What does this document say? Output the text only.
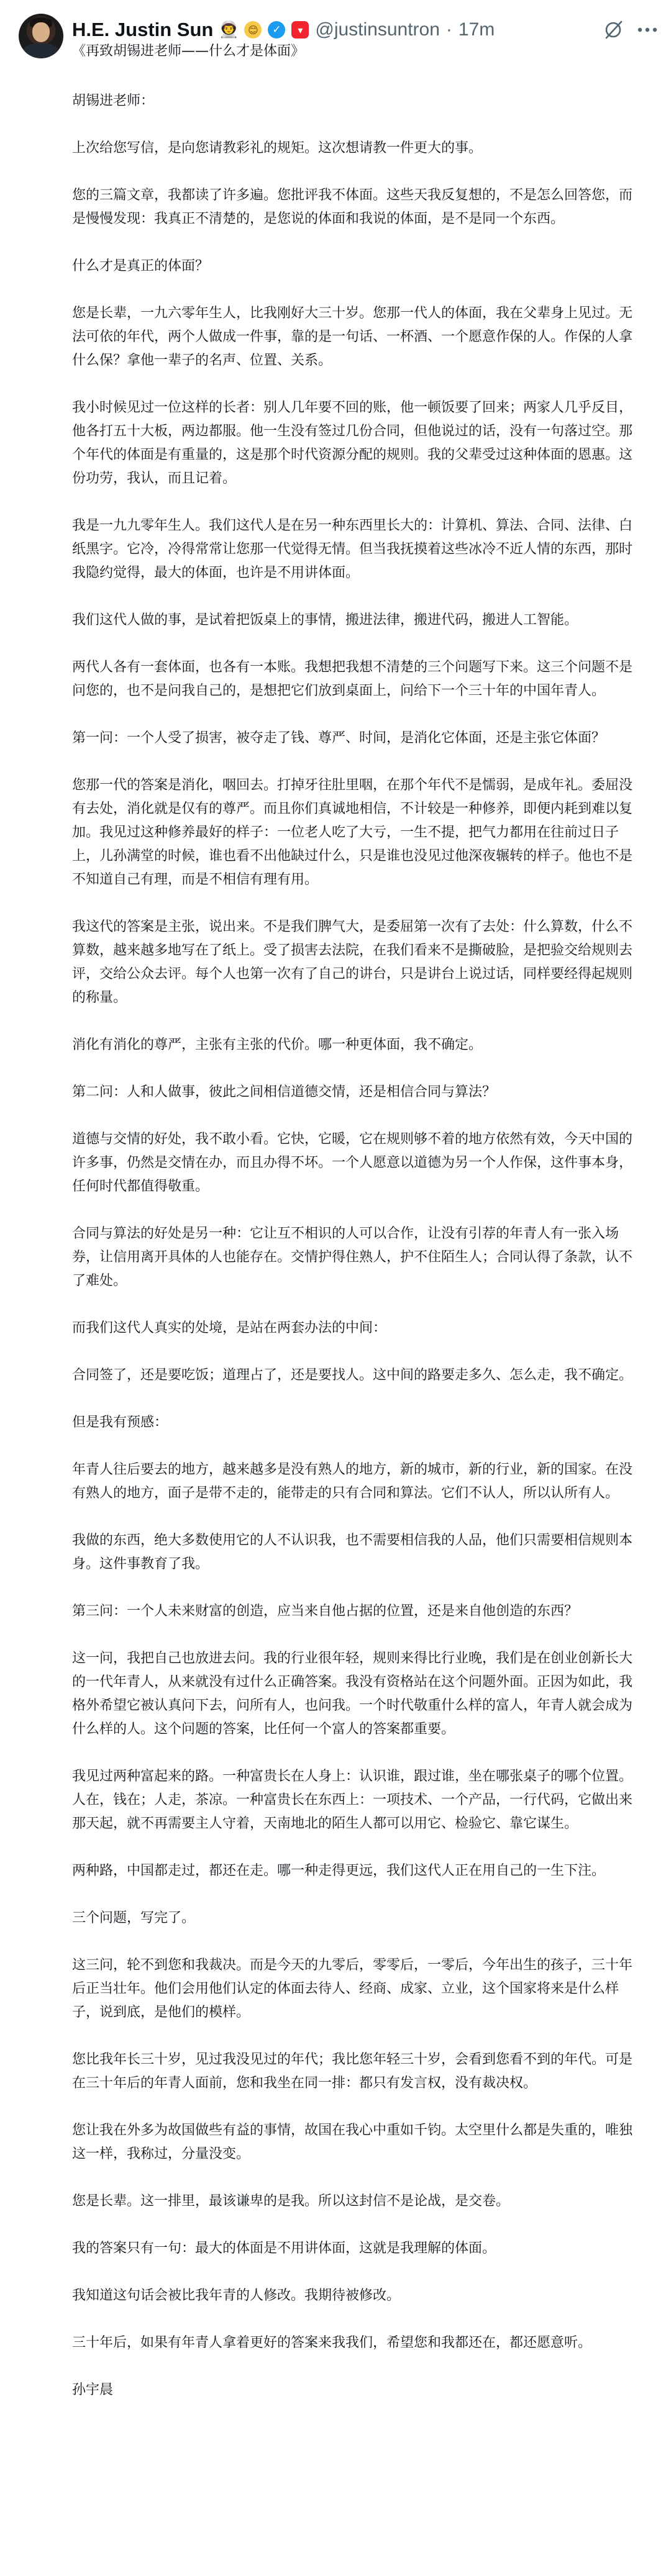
H.E. Justin Sun 👨‍🚀 😊	✓	▾ @justinsuntron · 17m

《再致胡锡进老师——什么才是体面》

胡锡进老师：

上次给您写信，是向您请教彩礼的规矩。这次想请教一件更大的事。

您的三篇文章，我都读了许多遍。您批评我不体面。这些天我反复想的，不是怎么回答您，而是慢慢发现：我真正不清楚的，是您说的体面和我说的体面，是不是同一个东西。

什么才是真正的体面？

您是长辈，一九六零年生人，比我刚好大三十岁。您那一代人的体面，我在父辈身上见过。无法可依的年代，两个人做成一件事，靠的是一句话、一杯酒、一个愿意作保的人。作保的人拿什么保？拿他一辈子的名声、位置、关系。

我小时候见过一位这样的长者：别人几年要不回的账，他一顿饭要了回来；两家人几乎反目，他各打五十大板，两边都服。他一生没有签过几份合同，但他说过的话，没有一句落过空。那个年代的体面是有重量的，这是那个时代资源分配的规则。我的父辈受过这种体面的恩惠。这份功劳，我认，而且记着。

我是一九九零年生人。我们这代人是在另一种东西里长大的：计算机、算法、合同、法律、白纸黑字。它冷，冷得常常让您那一代觉得无情。但当我抚摸着这些冰冷不近人情的东西，那时我隐约觉得，最大的体面，也许是不用讲体面。

我们这代人做的事，是试着把饭桌上的事情，搬进法律，搬进代码，搬进人工智能。

两代人各有一套体面，也各有一本账。我想把我想不清楚的三个问题写下来。这三个问题不是问您的，也不是问我自己的，是想把它们放到桌面上，问给下一个三十年的中国年青人。

第一问：一个人受了损害，被夺走了钱、尊严、时间，是消化它体面，还是主张它体面？

您那一代的答案是消化，咽回去。打掉牙往肚里咽，在那个年代不是懦弱，是成年礼。委屈没有去处，消化就是仅有的尊严。而且你们真诚地相信，不计较是一种修养，即便内耗到难以复加。我见过这种修养最好的样子：一位老人吃了大亏，一生不提，把气力都用在往前过日子上，儿孙满堂的时候，谁也看不出他缺过什么，只是谁也没见过他深夜辗转的样子。他也不是不知道自己有理，而是不相信有理有用。

我这代的答案是主张，说出来。不是我们脾气大，是委屈第一次有了去处：什么算数，什么不算数，越来越多地写在了纸上。受了损害去法院，在我们看来不是撕破脸，是把验交给规则去评，交给公众去评。每个人也第一次有了自己的讲台，只是讲台上说过话，同样要经得起规则的称量。

消化有消化的尊严，主张有主张的代价。哪一种更体面，我不确定。

第二问：人和人做事，彼此之间相信道德交情，还是相信合同与算法？

道德与交情的好处，我不敢小看。它快，它暖，它在规则够不着的地方依然有效，今天中国的许多事，仍然是交情在办，而且办得不坏。一个人愿意以道德为另一个人作保，这件事本身，任何时代都值得敬重。

合同与算法的好处是另一种：它让互不相识的人可以合作，让没有引荐的年青人有一张入场券，让信用离开具体的人也能存在。交情护得住熟人，护不住陌生人；合同认得了条款，认不了难处。

而我们这代人真实的处境，是站在两套办法的中间：

合同签了，还是要吃饭；道理占了，还是要找人。这中间的路要走多久、怎么走，我不确定。

但是我有预感：

年青人往后要去的地方，越来越多是没有熟人的地方，新的城市，新的行业，新的国家。在没有熟人的地方，面子是带不走的，能带走的只有合同和算法。它们不认人，所以认所有人。

我做的东西，绝大多数使用它的人不认识我，也不需要相信我的人品，他们只需要相信规则本身。这件事教育了我。

第三问：一个人未来财富的创造，应当来自他占据的位置，还是来自他创造的东西？

这一问，我把自己也放进去问。我的行业很年轻，规则来得比行业晚，我们是在创业创新长大的一代年青人，从来就没有过什么正确答案。我没有资格站在这个问题外面。正因为如此，我格外希望它被认真问下去，问所有人，也问我。一个时代敬重什么样的富人，年青人就会成为什么样的人。这个问题的答案，比任何一个富人的答案都重要。

我见过两种富起来的路。一种富贵长在人身上：认识谁，跟过谁，坐在哪张桌子的哪个位置。人在，钱在；人走，茶凉。一种富贵长在东西上：一项技术、一个产品，一行代码，它做出来那天起，就不再需要主人守着，天南地北的陌生人都可以用它、检验它、靠它谋生。

两种路，中国都走过，都还在走。哪一种走得更远，我们这代人正在用自己的一生下注。

三个问题，写完了。

这三问，轮不到您和我裁决。而是今天的九零后，零零后，一零后，今年出生的孩子，三十年后正当壮年。他们会用他们认定的体面去待人、经商、成家、立业，这个国家将来是什么样子，说到底，是他们的模样。

您比我年长三十岁，见过我没见过的年代；我比您年轻三十岁，会看到您看不到的年代。可是在三十年后的年青人面前，您和我坐在同一排：都只有发言权，没有裁决权。

您让我在外多为故国做些有益的事情，故国在我心中重如千钧。太空里什么都是失重的，唯独这一样，我称过，分量没变。

您是长辈。这一排里，最该谦卑的是我。所以这封信不是论战，是交卷。

我的答案只有一句：最大的体面是不用讲体面，这就是我理解的体面。

我知道这句话会被比我年青的人修改。我期待被修改。

三十年后，如果有年青人拿着更好的答案来我我们，希望您和我都还在，都还愿意听。

孙宇晨
